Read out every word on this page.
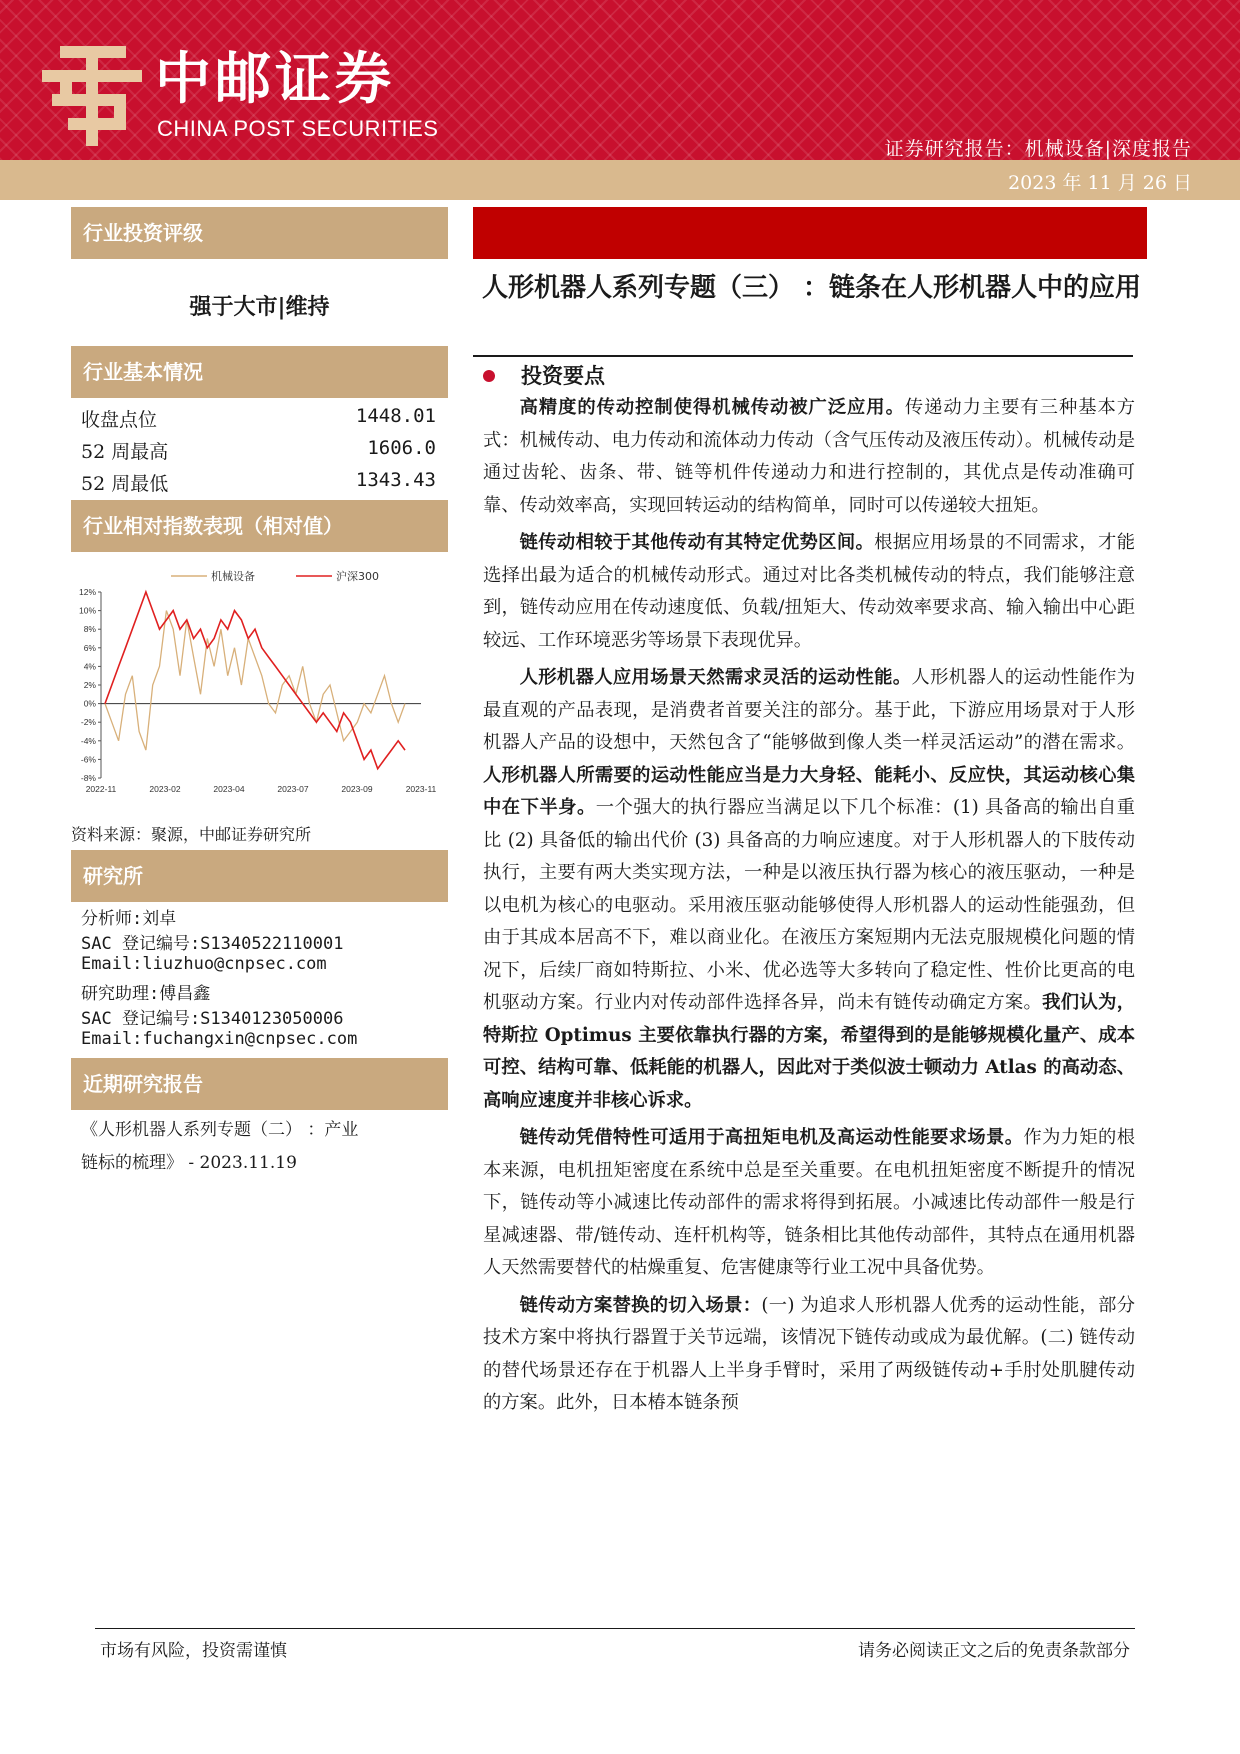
中邮证券
CHINA POST SECURITIES
证券研究报告：机械设备|深度报告
2023 年 11 月 26 日
行业投资评级
强于大市|维持
行业基本情况
收盘点位	1448.01
52 周最高	1606.0
52 周最低	1343.43
行业相对指数表现（相对值）
12%
10%
8%
6%
4%
2%
0%
-2%
-4%
-6%
-8%
2022-11	2023-02	2023-04	2023-07	2023-09	2023-11
机械设备	沪深300
资料来源：聚源，中邮证券研究所
研究所
分析师:刘卓
SAC 登记编号:S1340522110001
Email:liuzhuo@cnpsec.com
研究助理:傅昌鑫
SAC 登记编号:S1340123050006
Email:fuchangxin@cnpsec.com
近期研究报告
《人形机器人系列专题（二） ：产业
链标的梳理》 - 2023.11.19
人形机器人系列专题（三） ：链条在人形机器人中的应用
投资要点

高精度的传动控制使得机械传动被广泛应用。传递动力主要有三种基本方式：机械传动、电力传动和流体动力传动（含气压传动及液压传动）。机械传动是通过齿轮、齿条、带、链等机件传递动力和进行控制的，其优点是传动准确可靠、传动效率高，实现回转运动的结构简单，同时可以传递较大扭矩。

链传动相较于其他传动有其特定优势区间。根据应用场景的不同需求，才能选择出最为适合的机械传动形式。通过对比各类机械传动的特点，我们能够注意到，链传动应用在传动速度低、负载/扭矩大、传动效率要求高、输入输出中心距较远、工作环境恶劣等场景下表现优异。

人形机器人应用场景天然需求灵活的运动性能。人形机器人的运动性能作为最直观的产品表现，是消费者首要关注的部分。基于此，下游应用场景对于人形机器人产品的设想中，天然包含了“能够做到像人类一样灵活运动”的潜在需求。人形机器人所需要的运动性能应当是力大身轻、能耗小、反应快，其运动核心集中在下半身。一个强大的执行器应当满足以下几个标准：(1) 具备高的输出自重比 (2) 具备低的输出代价 (3) 具备高的力响应速度。对于人形机器人的下肢传动执行，主要有两大类实现方法，一种是以液压执行器为核心的液压驱动，一种是以电机为核心的电驱动。采用液压驱动能够使得人形机器人的运动性能强劲，但由于其成本居高不下，难以商业化。在液压方案短期内无法克服规模化问题的情况下，后续厂商如特斯拉、小米、优必选等大多转向了稳定性、性价比更高的电机驱动方案。行业内对传动部件选择各异，尚未有链传动确定方案。我们认为，特斯拉 Optimus 主要依靠执行器的方案，希望得到的是能够规模化量产、成本可控、结构可靠、低耗能的机器人，因此对于类似波士顿动力 Atlas 的高动态、高响应速度并非核心诉求。

链传动凭借特性可适用于高扭矩电机及高运动性能要求场景。作为力矩的根本来源，电机扭矩密度在系统中总是至关重要。在电机扭矩密度不断提升的情况下，链传动等小减速比传动部件的需求将得到拓展。小减速比传动部件一般是行星减速器、带/链传动、连杆机构等，链条相比其他传动部件，其特点在通用机器人天然需要替代的枯燥重复、危害健康等行业工况中具备优势。

链传动方案替换的切入场景：(一) 为追求人形机器人优秀的运动性能，部分技术方案中将执行器置于关节远端，该情况下链传动或成为最优解。(二) 链传动的替代场景还存在于机器人上半身手臂时，采用了两级链传动+手肘处肌腱传动的方案。此外，日本椿本链条预

市场有风险，投资需谨慎	请务必阅读正文之后的免责条款部分
